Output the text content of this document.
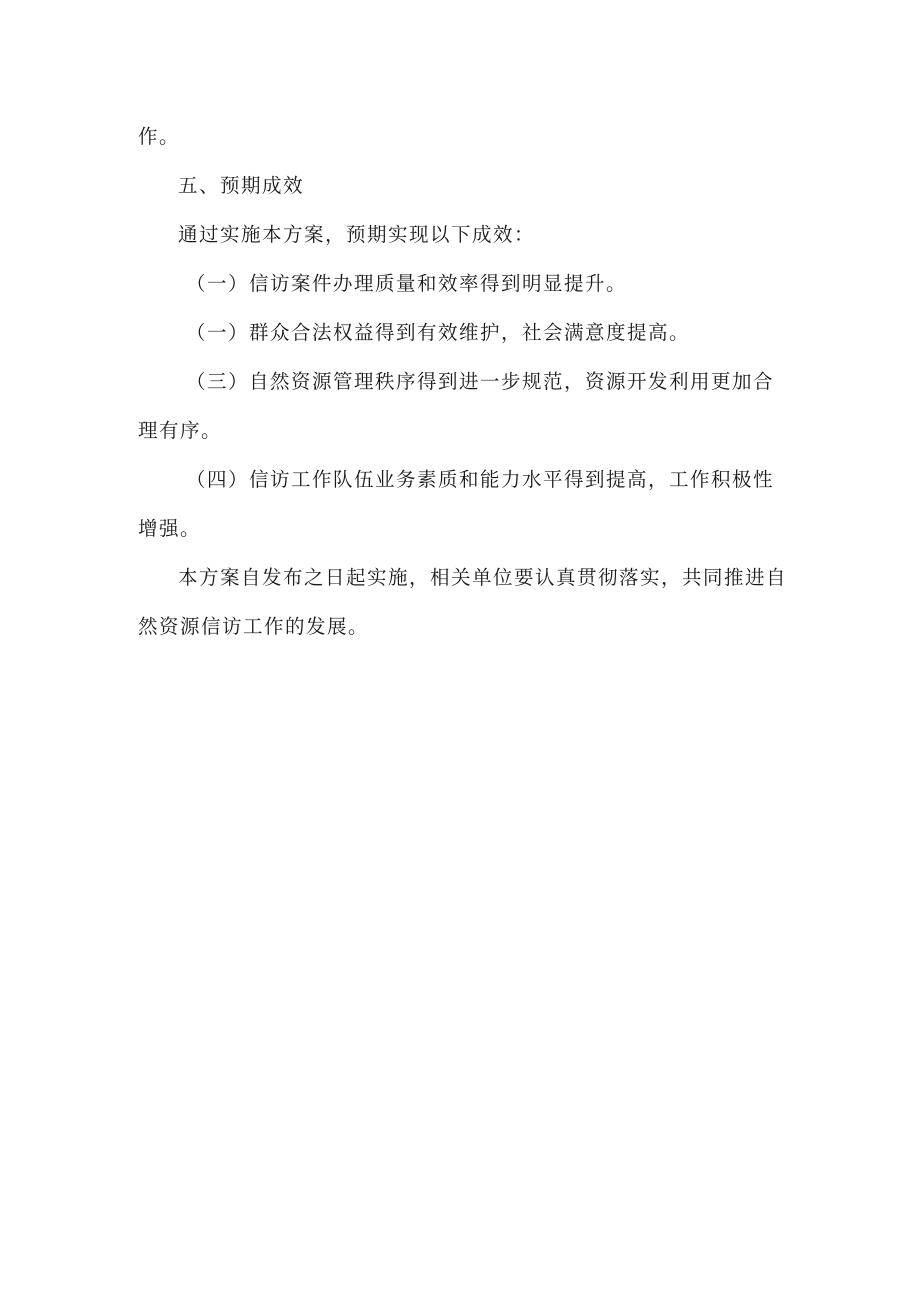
作。

五、预期成效

通过实施本方案，预期实现以下成效：

（一）信访案件办理质量和效率得到明显提升。

（一）群众合法权益得到有效维护，社会满意度提高。

（三）自然资源管理秩序得到进一步规范，资源开发利用更加合理有序。

（四）信访工作队伍业务素质和能力水平得到提高，工作积极性增强。

本方案自发布之日起实施，相关单位要认真贯彻落实，共同推进自然资源信访工作的发展。
